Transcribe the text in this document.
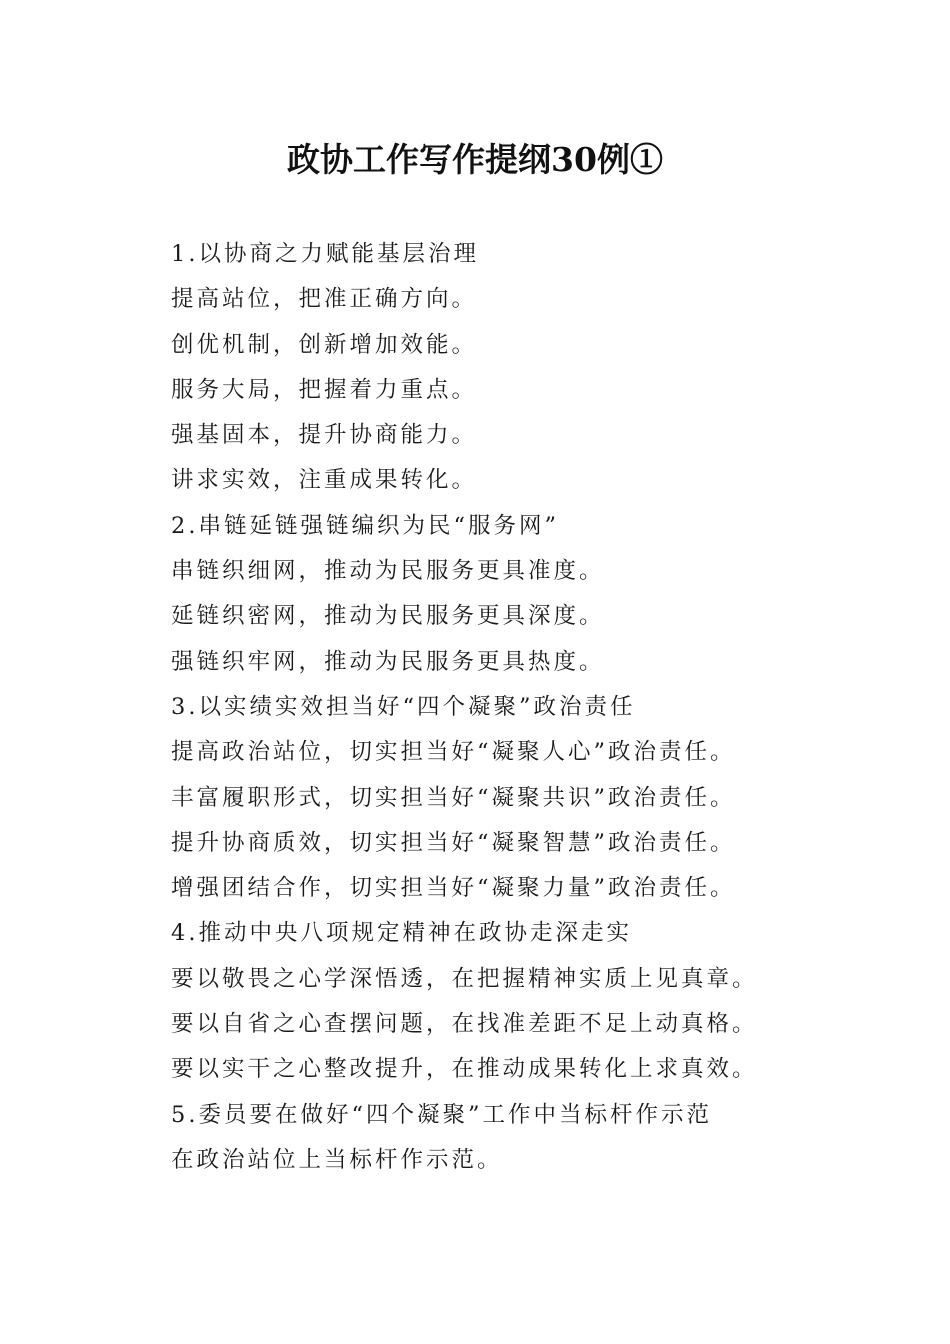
政协工作写作提纲30例①
1.以协商之力赋能基层治理
提高站位，把准正确方向。
创优机制，创新增加效能。
服务大局，把握着力重点。
强基固本，提升协商能力。
讲求实效，注重成果转化。
2.串链延链强链编织为民“服务网”
串链织细网，推动为民服务更具准度。
延链织密网，推动为民服务更具深度。
强链织牢网，推动为民服务更具热度。
3.以实绩实效担当好“四个凝聚”政治责任
提高政治站位，切实担当好“凝聚人心”政治责任。
丰富履职形式，切实担当好“凝聚共识”政治责任。
提升协商质效，切实担当好“凝聚智慧”政治责任。
增强团结合作，切实担当好“凝聚力量”政治责任。
4.推动中央八项规定精神在政协走深走实
要以敬畏之心学深悟透，在把握精神实质上见真章。
要以自省之心查摆问题，在找准差距不足上动真格。
要以实干之心整改提升，在推动成果转化上求真效。
5.委员要在做好“四个凝聚”工作中当标杆作示范
在政治站位上当标杆作示范。
